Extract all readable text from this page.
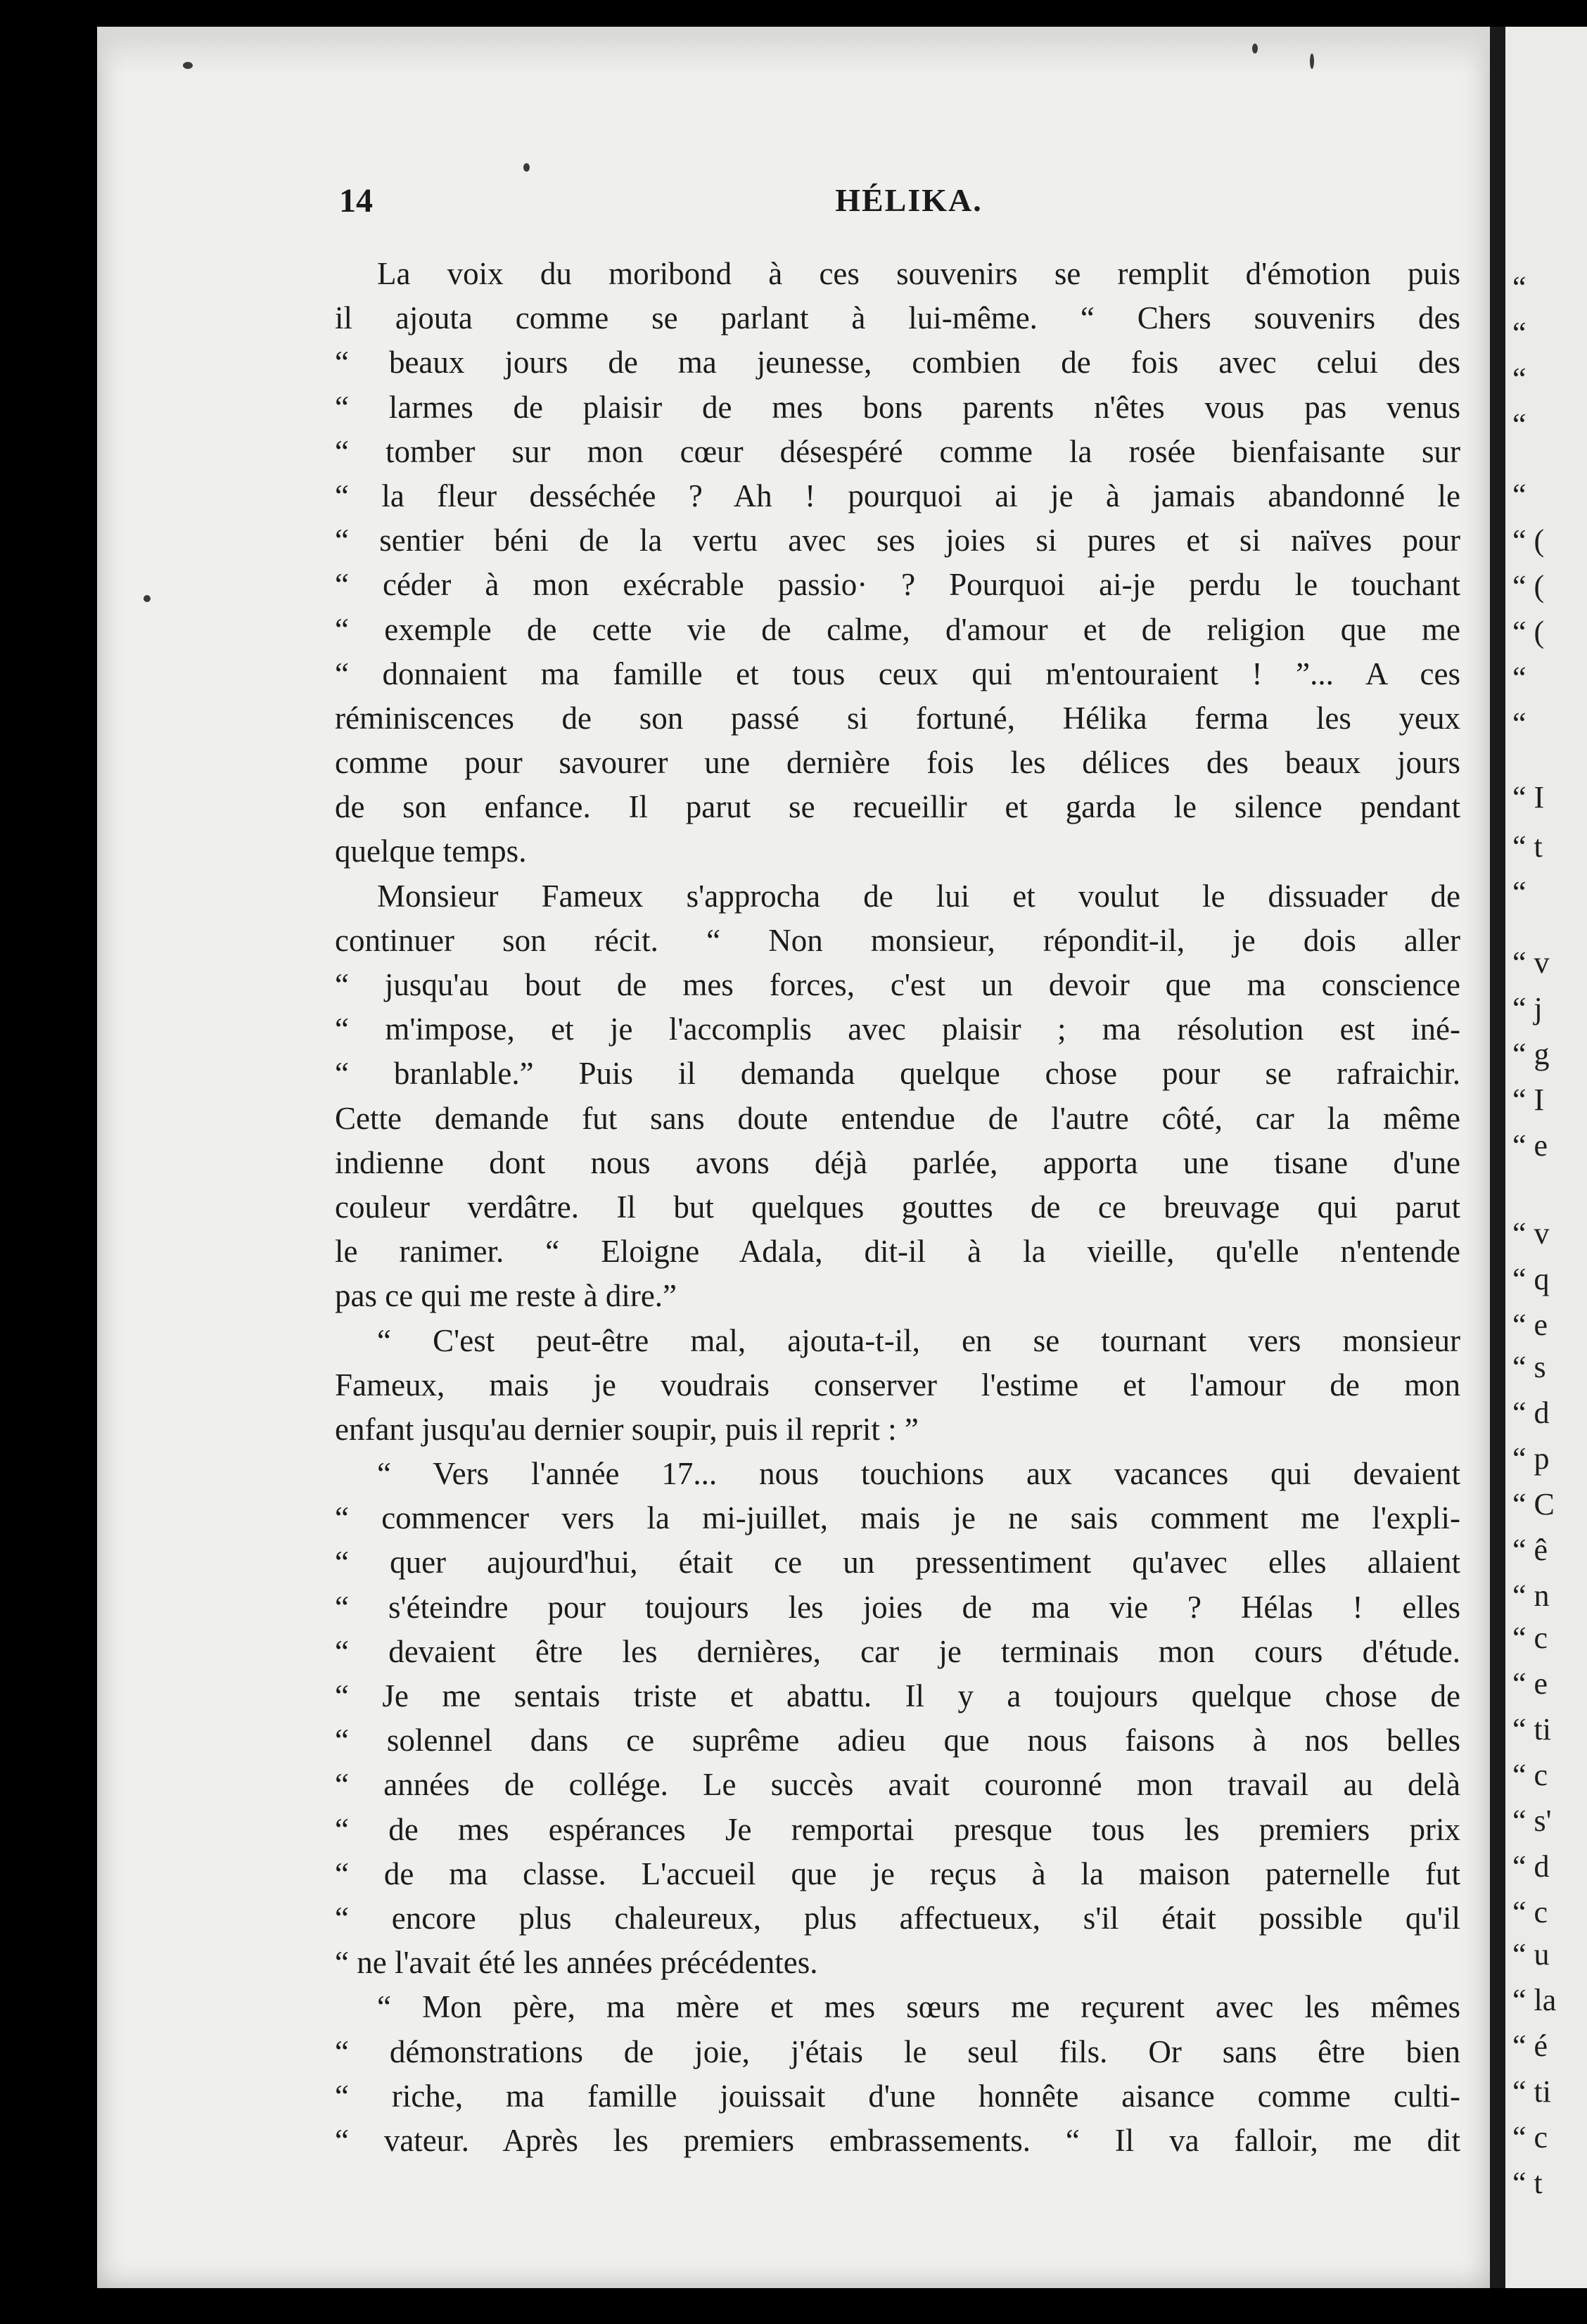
14	HÉLIKA.
La voix du moribond à ces souvenirs se remplit d'émotion puis
il ajouta comme se parlant à lui-même. “ Chers souvenirs des
“ beaux jours de ma jeunesse, combien de fois avec celui des
“ larmes de plaisir de mes bons parents n'êtes vous pas venus
“ tomber sur mon cœur désespéré comme la rosée bienfaisante sur
“ la fleur desséchée ? Ah ! pourquoi ai je à jamais abandonné le
“ sentier béni de la vertu avec ses joies si pures et si naïves pour
“ céder à mon exécrable passio· ? Pourquoi ai-je perdu le touchant
“ exemple de cette vie de calme, d'amour et de religion que me
“ donnaient ma famille et tous ceux qui m'entouraient ! ”... A ces
réminiscences de son passé si fortuné, Hélika ferma les yeux
comme pour savourer une dernière fois les délices des beaux jours
de son enfance. Il parut se recueillir et garda le silence pendant
quelque temps.
Monsieur Fameux s'approcha de lui et voulut le dissuader de
continuer son récit. “ Non monsieur, répondit-il, je dois aller
“ jusqu'au bout de mes forces, c'est un devoir que ma conscience
“ m'impose, et je l'accomplis avec plaisir ; ma résolution est iné-
“ branlable.” Puis il demanda quelque chose pour se rafraichir.
Cette demande fut sans doute entendue de l'autre côté, car la même
indienne dont nous avons déjà parlée, apporta une tisane d'une
couleur verdâtre. Il but quelques gouttes de ce breuvage qui parut
le ranimer. “ Eloigne Adala, dit-il à la vieille, qu'elle n'entende
pas ce qui me reste à dire.”
“ C'est peut-être mal, ajouta-t-il, en se tournant vers monsieur
Fameux, mais je voudrais conserver l'estime et l'amour de mon
enfant jusqu'au dernier soupir, puis il reprit : ”
“ Vers l'année 17... nous touchions aux vacances qui devaient
“ commencer vers la mi-juillet, mais je ne sais comment me l'expli-
“ quer aujourd'hui, était ce un pressentiment qu'avec elles allaient
“ s'éteindre pour toujours les joies de ma vie ? Hélas ! elles
“ devaient être les dernières, car je terminais mon cours d'étude.
“ Je me sentais triste et abattu. Il y a toujours quelque chose de
“ solennel dans ce suprême adieu que nous faisons à nos belles
“ années de collége. Le succès avait couronné mon travail au delà
“ de mes espérances Je remportai presque tous les premiers prix
“ de ma classe. L'accueil que je reçus à la maison paternelle fut
“ encore plus chaleureux, plus affectueux, s'il était possible qu'il
“ ne l'avait été les années précédentes.
“ Mon père, ma mère et mes sœurs me reçurent avec les mêmes
“ démonstrations de joie, j'étais le seul fils. Or sans être bien
“ riche, ma famille jouissait d'une honnête aisance comme culti-
“ vateur. Après les premiers embrassements. “ Il va falloir, me dit
“
“
“
“
“
“ (
“ (
“ (
“
“
“ I
“ t
“
“ v
“ j
“ g
“ I
“ e
“ v
“ q
“ e
“ s
“ d
“ p
“ C
“ ê
“ n
“ c
“ e
“ ti
“ c
“ s'
“ d
“ c
“ u
“ la
“ é
“ ti
“ c
“ t
